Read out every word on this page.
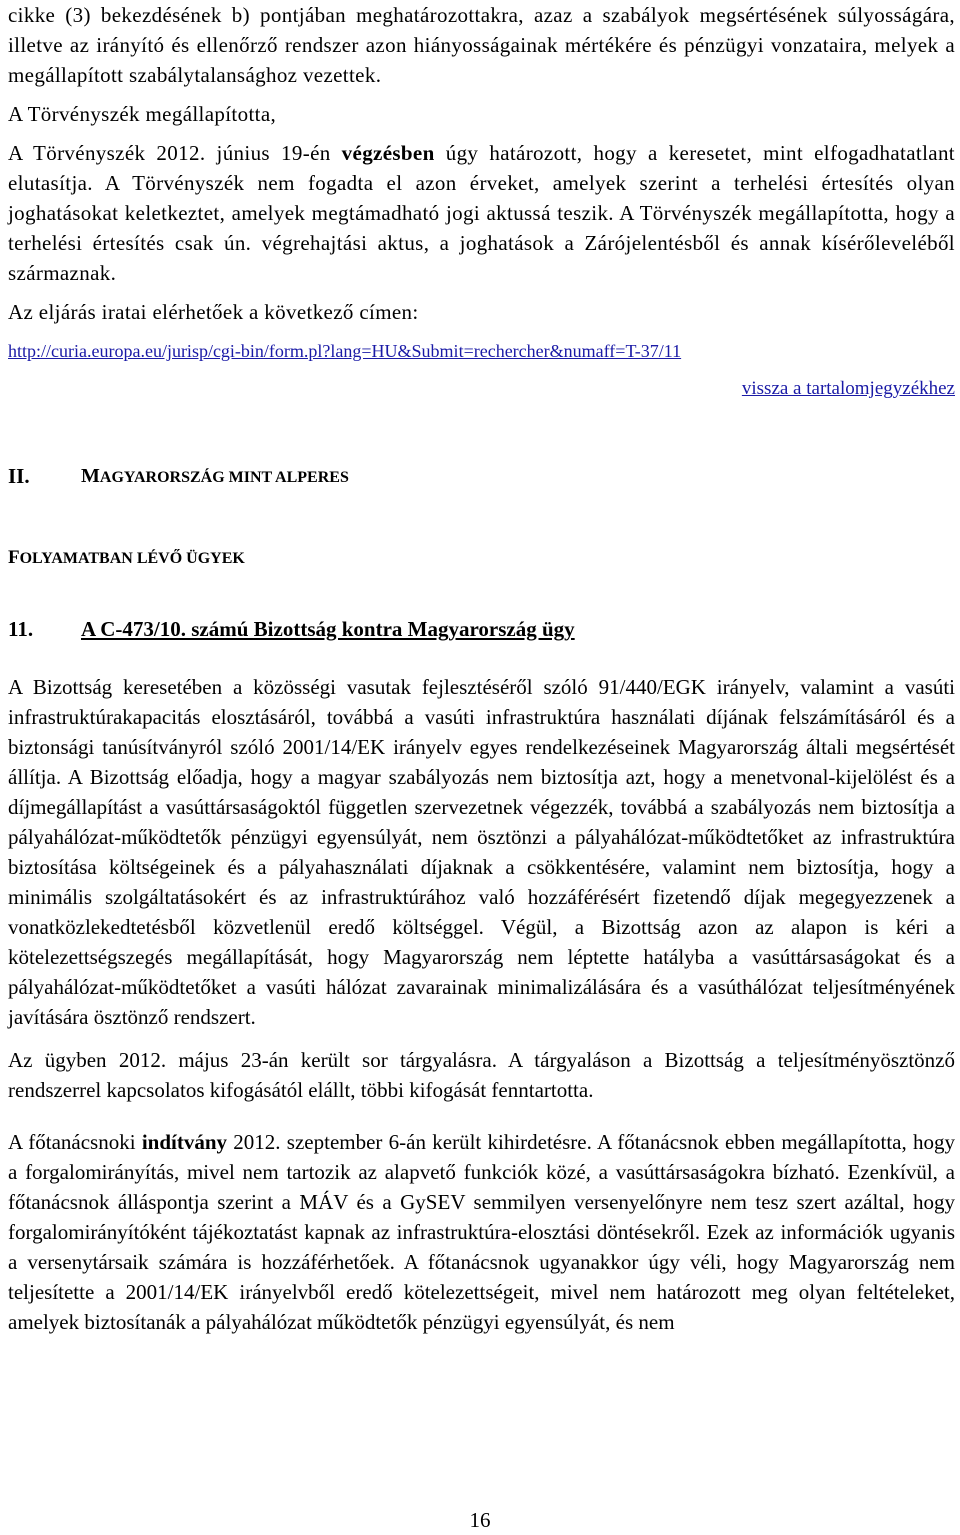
cikke (3) bekezdésének b) pontjában meghatározottakra, azaz a szabályok megsértésének súlyosságára, illetve az irányító és ellenőrző rendszer azon hiányosságainak mértékére és pénzügyi vonzataira, melyek a megállapított szabálytalansághoz vezettek.

A Törvényszék megállapította,

A Törvényszék 2012. június 19-én végzésben úgy határozott, hogy a keresetet, mint elfogadhatatlant elutasítja. A Törvényszék nem fogadta el azon érveket, amelyek szerint a terhelési értesítés olyan joghatásokat keletkeztet, amelyek megtámadható jogi aktussá teszik. A Törvényszék megállapította, hogy a terhelési értesítés csak ún. végrehajtási aktus, a joghatások a Zárójelentésből és annak kísérőleveléből származnak.

Az eljárás iratai elérhetőek a következő címen:

http://curia.europa.eu/jurisp/cgi-bin/form.pl?lang=HU&Submit=rechercher&numaff=T-37/11
vissza a tartalomjegyzékhez
II.	MAGYARORSZÁG MINT ALPERES
FOLYAMATBAN LÉVŐ ÜGYEK
11.	A C-473/10. számú Bizottság kontra Magyarország ügy

A Bizottság keresetében a közösségi vasutak fejlesztéséről szóló 91/440/EGK irányelv, valamint a vasúti infrastruktúrakapacitás elosztásáról, továbbá a vasúti infrastruktúra használati díjának felszámításáról és a biztonsági tanúsítványról szóló 2001/14/EK irányelv egyes rendelkezéseinek Magyarország általi megsértését állítja. A Bizottság előadja, hogy a magyar szabályozás nem biztosítja azt, hogy a menetvonal-kijelölést és a díjmegállapítást a vasúttársaságoktól független szervezetnek végezzék, továbbá a szabályozás nem biztosítja a pályahálózat-működtetők pénzügyi egyensúlyát, nem ösztönzi a pályahálózat-működtetőket az infrastruktúra biztosítása költségeinek és a pályahasználati díjaknak a csökkentésére, valamint nem biztosítja, hogy a minimális szolgáltatásokért és az infrastruktúrához való hozzáférésért fizetendő díjak megegyezzenek a vonatközlekedtetésből közvetlenül eredő költséggel. Végül, a Bizottság azon az alapon is kéri a kötelezettségszegés megállapítását, hogy Magyarország nem léptette hatályba a vasúttársaságokat és a pályahálózat-működtetőket a vasúti hálózat zavarainak minimalizálására és a vasúthálózat teljesítményének javítására ösztönző rendszert.

Az ügyben 2012. május 23-án került sor tárgyalásra. A tárgyaláson a Bizottság a teljesítményösztönző rendszerrel kapcsolatos kifogásától elállt, többi kifogását fenntartotta.

A főtanácsnoki indítvány 2012. szeptember 6-án került kihirdetésre. A főtanácsnok ebben megállapította, hogy a forgalomirányítás, mivel nem tartozik az alapvető funkciók közé, a vasúttársaságokra bízható. Ezenkívül, a főtanácsnok álláspontja szerint a MÁV és a GySEV semmilyen versenyelőnyre nem tesz szert azáltal, hogy forgalomirányítóként tájékoztatást kapnak az infrastruktúra-elosztási döntésekről. Ezek az információk ugyanis a versenytársaik számára is hozzáférhetőek. A főtanácsnok ugyanakkor úgy véli, hogy Magyarország nem teljesítette a 2001/14/EK irányelvből eredő kötelezettségeit, mivel nem határozott meg olyan feltételeket, amelyek biztosítanák a pályahálózat működtetők pénzügyi egyensúlyát, és nem

16
